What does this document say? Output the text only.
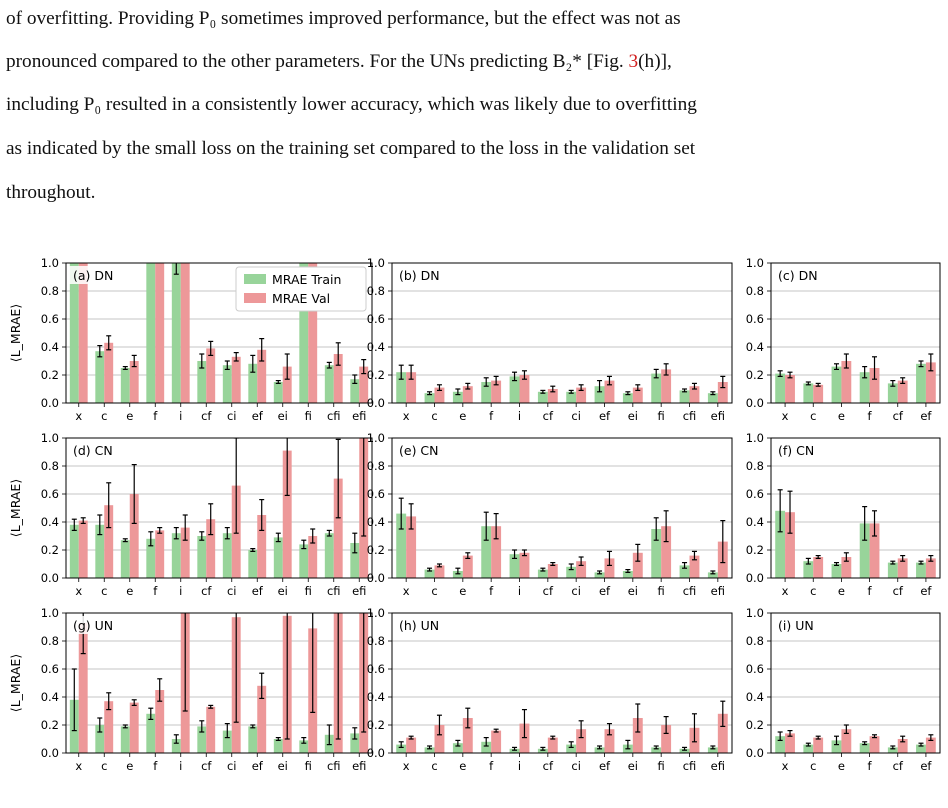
of overfitting. Providing P₀ sometimes improved performance, but the effect was not as
pronounced compared to the other parameters. For the UNs predicting B₂* [Fig. 3(h)],
including P₀ resulted in a consistently lower accuracy, which was likely due to overfitting
as indicated by the small loss on the training set compared to the loss in the validation set
throughout.
0.0
0.2
0.4
0.6
0.8
1.0
x c e f i cf ci ef ei fi cfi efi
(a) DN
⟨L_MRAE⟩
MRAE Train
MRAE Val
0.0
0.2
0.4
0.6
0.8
1.0
x c e f i cf ci ef ei fi cfi efi
(b) DN
0.0
0.2
0.4
0.6
0.8
1.0
x c e f cf ef
(c) DN
0.0
0.2
0.4
0.6
0.8
1.0
x c e f i cf ci ef ei fi cfi efi
(d) CN
⟨L_MRAE⟩
0.0
0.2
0.4
0.6
0.8
1.0
x c e f i cf ci ef ei fi cfi efi
(e) CN
0.0
0.2
0.4
0.6
0.8
1.0
x c e f cf ef
(f) CN
0.0
0.2
0.4
0.6
0.8
1.0
x c e f i cf ci ef ei fi cfi efi
(g) UN
⟨L_MRAE⟩
0.0
0.2
0.4
0.6
0.8
1.0
x c e f i cf ci ef ei fi cfi efi
(h) UN
0.0
0.2
0.4
0.6
0.8
1.0
x c e f cf ef
(i) UN
